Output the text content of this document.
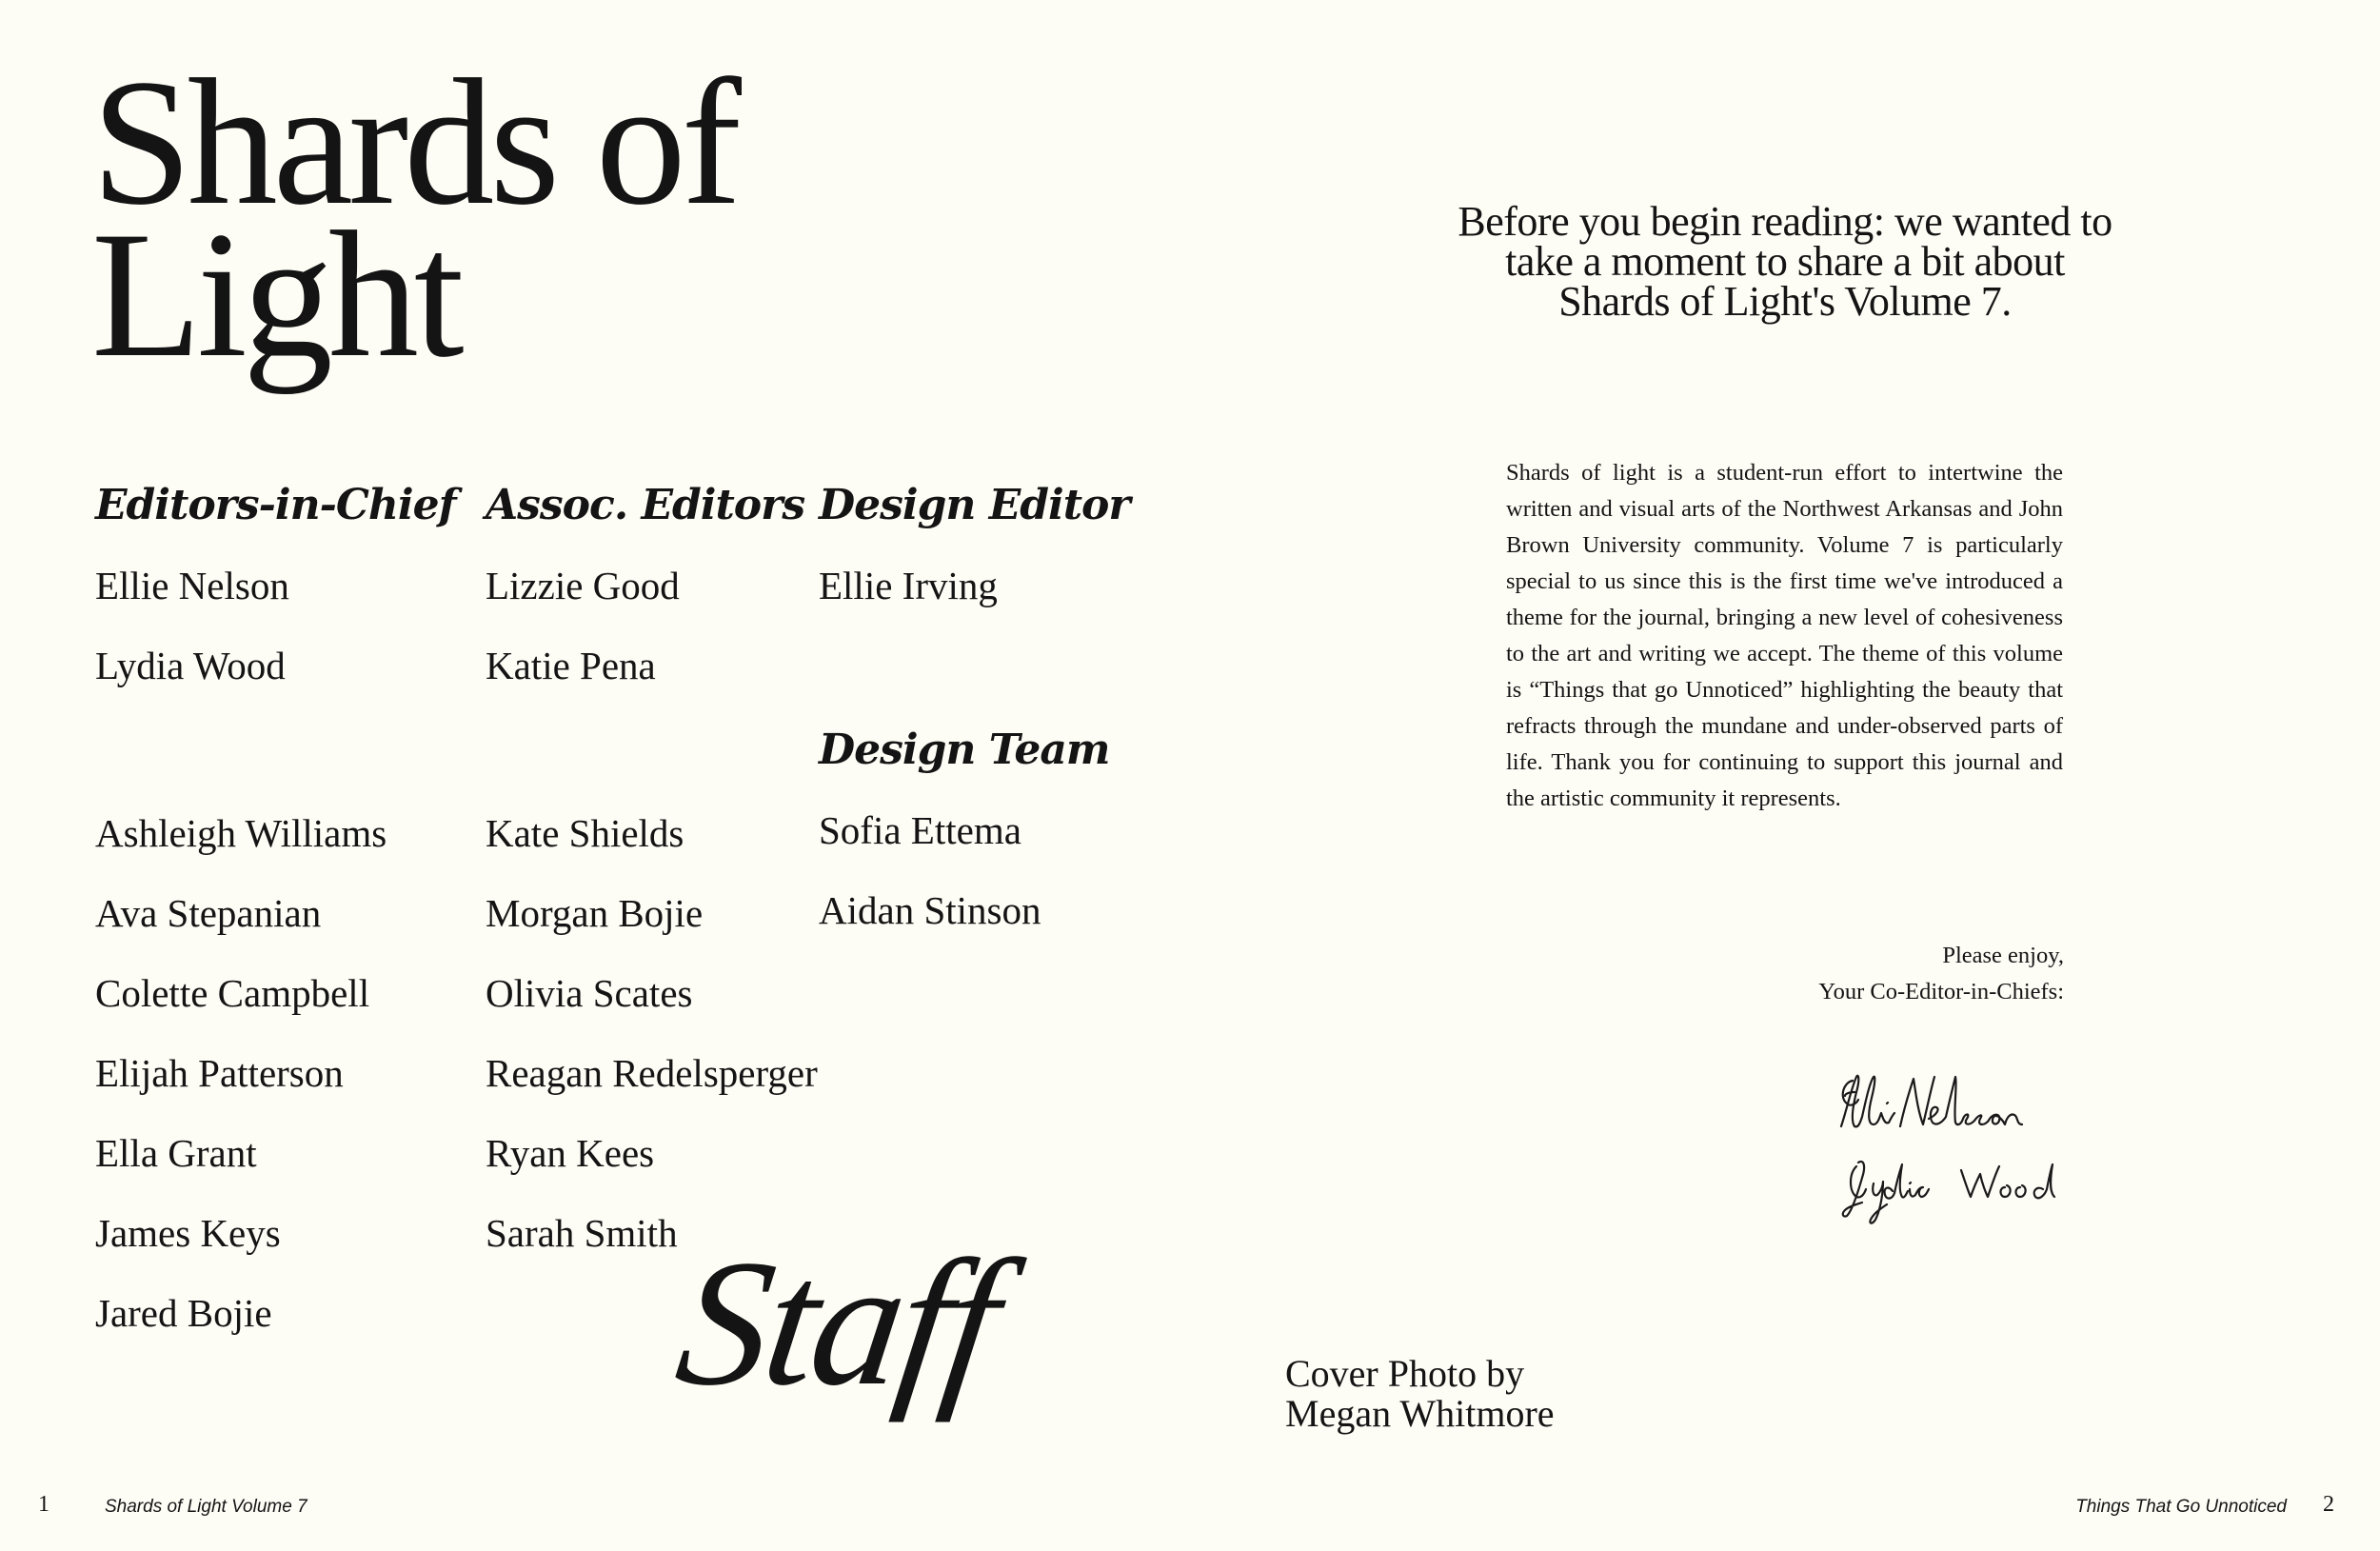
Shards of
Light
Editors-in-Chief
Ellie Nelson
Lydia Wood
Ashleigh Williams
Ava Stepanian
Colette Campbell
Elijah Patterson
Ella Grant
James Keys
Jared Bojie
Assoc. Editors
Lizzie Good
Katie Pena
Kate Shields
Morgan Bojie
Olivia Scates
Reagan Redelsperger
Ryan Kees
Sarah Smith
Design Editor
Ellie Irving
Design Team
Sofia Ettema
Aidan Stinson
Staff	Cover Photo by
Megan Whitmore
Before you begin reading: we wanted to take a moment to share a bit about Shards of Light's Volume 7.
Shards of light is a student-run effort to intertwine the written and visual arts of the Northwest Arkansas and John Brown University community. Volume 7 is particularly special to us since this is the first time we've introduced a theme for the journal, bringing a new level of cohesiveness to the art and writing we accept. The theme of this volume is “Things that go Unnoticed” highlighting the beauty that refracts through the mundane and under-observed parts of life. Thank you for continuing to support this journal and the artistic community it represents.
Please enjoy,
Your Co-Editor-in-Chiefs:
1	Shards of Light Volume 7	Things That Go Unnoticed 2
